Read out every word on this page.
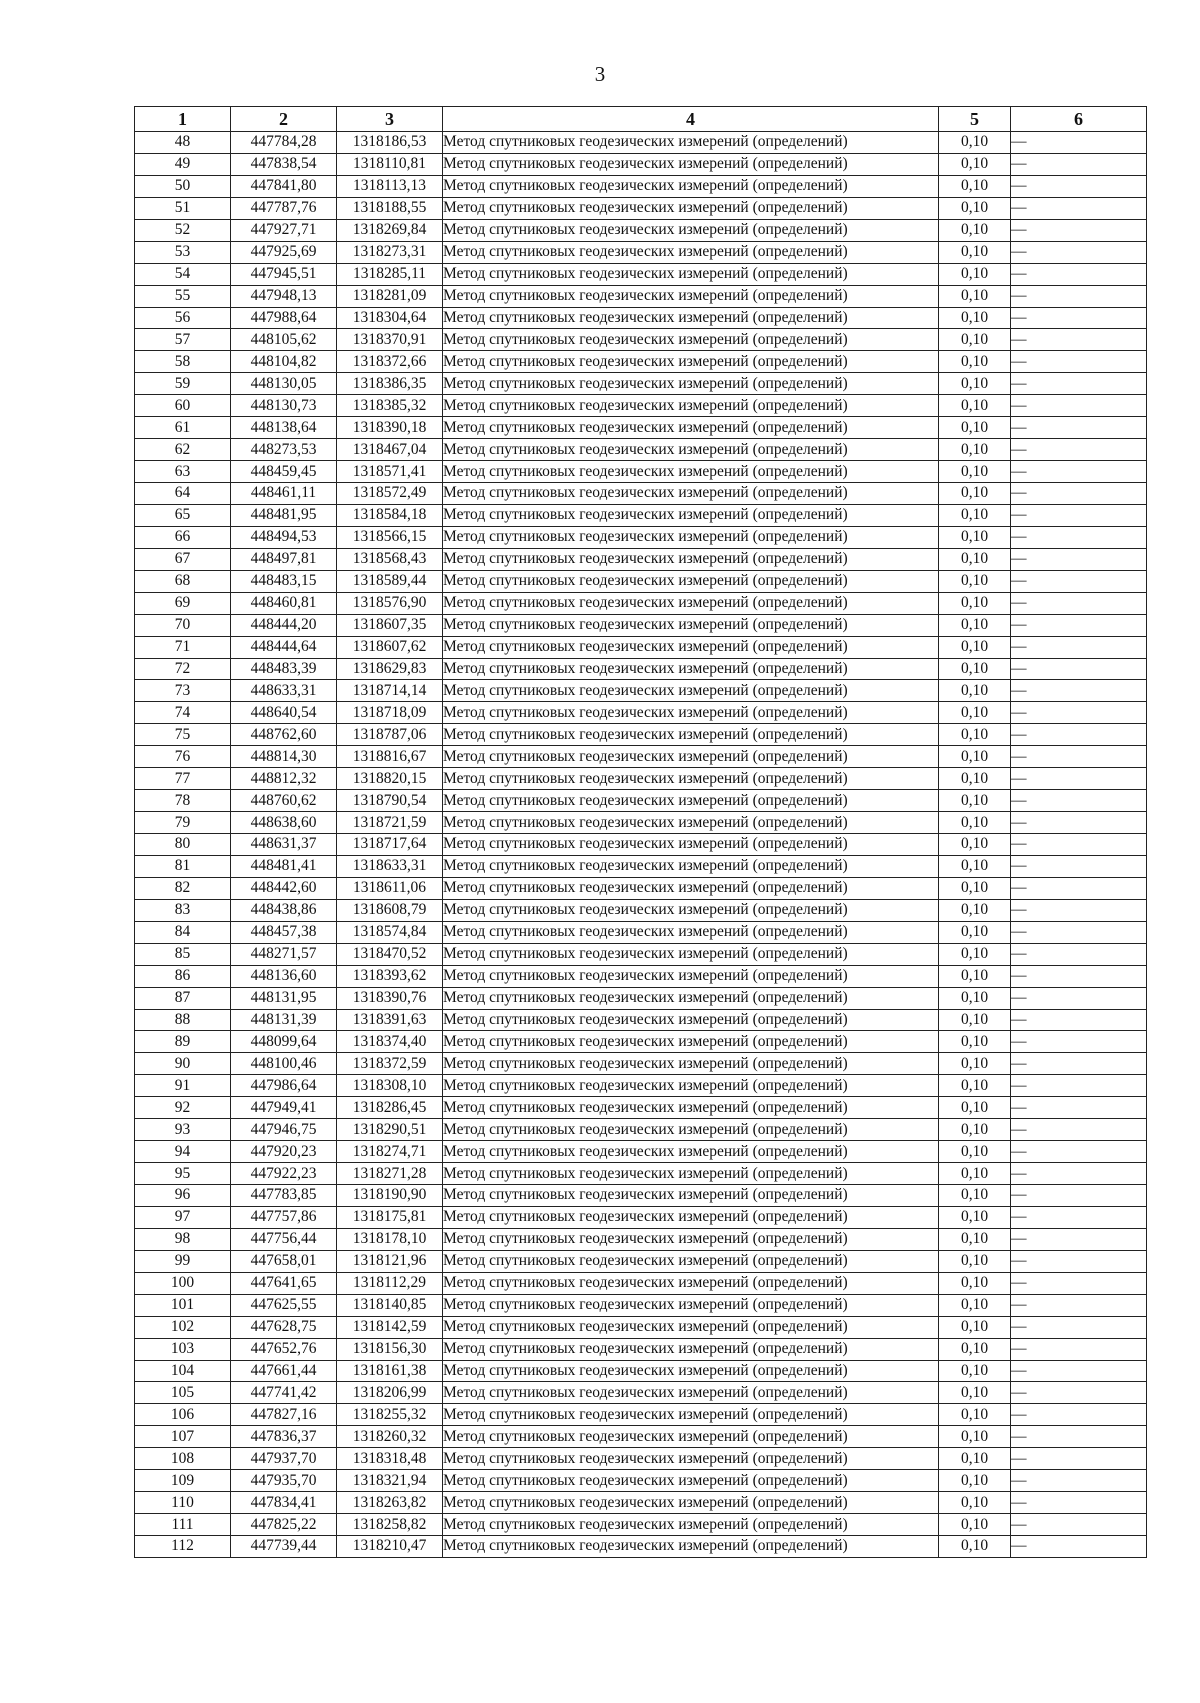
3
1	2	3	4	5	6
48	447784,28	1318186,53	Метод спутниковых геодезических измерений (определений)	0,10	—
49	447838,54	1318110,81	Метод спутниковых геодезических измерений (определений)	0,10	—
50	447841,80	1318113,13	Метод спутниковых геодезических измерений (определений)	0,10	—
51	447787,76	1318188,55	Метод спутниковых геодезических измерений (определений)	0,10	—
52	447927,71	1318269,84	Метод спутниковых геодезических измерений (определений)	0,10	—
53	447925,69	1318273,31	Метод спутниковых геодезических измерений (определений)	0,10	—
54	447945,51	1318285,11	Метод спутниковых геодезических измерений (определений)	0,10	—
55	447948,13	1318281,09	Метод спутниковых геодезических измерений (определений)	0,10	—
56	447988,64	1318304,64	Метод спутниковых геодезических измерений (определений)	0,10	—
57	448105,62	1318370,91	Метод спутниковых геодезических измерений (определений)	0,10	—
58	448104,82	1318372,66	Метод спутниковых геодезических измерений (определений)	0,10	—
59	448130,05	1318386,35	Метод спутниковых геодезических измерений (определений)	0,10	—
60	448130,73	1318385,32	Метод спутниковых геодезических измерений (определений)	0,10	—
61	448138,64	1318390,18	Метод спутниковых геодезических измерений (определений)	0,10	—
62	448273,53	1318467,04	Метод спутниковых геодезических измерений (определений)	0,10	—
63	448459,45	1318571,41	Метод спутниковых геодезических измерений (определений)	0,10	—
64	448461,11	1318572,49	Метод спутниковых геодезических измерений (определений)	0,10	—
65	448481,95	1318584,18	Метод спутниковых геодезических измерений (определений)	0,10	—
66	448494,53	1318566,15	Метод спутниковых геодезических измерений (определений)	0,10	—
67	448497,81	1318568,43	Метод спутниковых геодезических измерений (определений)	0,10	—
68	448483,15	1318589,44	Метод спутниковых геодезических измерений (определений)	0,10	—
69	448460,81	1318576,90	Метод спутниковых геодезических измерений (определений)	0,10	—
70	448444,20	1318607,35	Метод спутниковых геодезических измерений (определений)	0,10	—
71	448444,64	1318607,62	Метод спутниковых геодезических измерений (определений)	0,10	—
72	448483,39	1318629,83	Метод спутниковых геодезических измерений (определений)	0,10	—
73	448633,31	1318714,14	Метод спутниковых геодезических измерений (определений)	0,10	—
74	448640,54	1318718,09	Метод спутниковых геодезических измерений (определений)	0,10	—
75	448762,60	1318787,06	Метод спутниковых геодезических измерений (определений)	0,10	—
76	448814,30	1318816,67	Метод спутниковых геодезических измерений (определений)	0,10	—
77	448812,32	1318820,15	Метод спутниковых геодезических измерений (определений)	0,10	—
78	448760,62	1318790,54	Метод спутниковых геодезических измерений (определений)	0,10	—
79	448638,60	1318721,59	Метод спутниковых геодезических измерений (определений)	0,10	—
80	448631,37	1318717,64	Метод спутниковых геодезических измерений (определений)	0,10	—
81	448481,41	1318633,31	Метод спутниковых геодезических измерений (определений)	0,10	—
82	448442,60	1318611,06	Метод спутниковых геодезических измерений (определений)	0,10	—
83	448438,86	1318608,79	Метод спутниковых геодезических измерений (определений)	0,10	—
84	448457,38	1318574,84	Метод спутниковых геодезических измерений (определений)	0,10	—
85	448271,57	1318470,52	Метод спутниковых геодезических измерений (определений)	0,10	—
86	448136,60	1318393,62	Метод спутниковых геодезических измерений (определений)	0,10	—
87	448131,95	1318390,76	Метод спутниковых геодезических измерений (определений)	0,10	—
88	448131,39	1318391,63	Метод спутниковых геодезических измерений (определений)	0,10	—
89	448099,64	1318374,40	Метод спутниковых геодезических измерений (определений)	0,10	—
90	448100,46	1318372,59	Метод спутниковых геодезических измерений (определений)	0,10	—
91	447986,64	1318308,10	Метод спутниковых геодезических измерений (определений)	0,10	—
92	447949,41	1318286,45	Метод спутниковых геодезических измерений (определений)	0,10	—
93	447946,75	1318290,51	Метод спутниковых геодезических измерений (определений)	0,10	—
94	447920,23	1318274,71	Метод спутниковых геодезических измерений (определений)	0,10	—
95	447922,23	1318271,28	Метод спутниковых геодезических измерений (определений)	0,10	—
96	447783,85	1318190,90	Метод спутниковых геодезических измерений (определений)	0,10	—
97	447757,86	1318175,81	Метод спутниковых геодезических измерений (определений)	0,10	—
98	447756,44	1318178,10	Метод спутниковых геодезических измерений (определений)	0,10	—
99	447658,01	1318121,96	Метод спутниковых геодезических измерений (определений)	0,10	—
100	447641,65	1318112,29	Метод спутниковых геодезических измерений (определений)	0,10	—
101	447625,55	1318140,85	Метод спутниковых геодезических измерений (определений)	0,10	—
102	447628,75	1318142,59	Метод спутниковых геодезических измерений (определений)	0,10	—
103	447652,76	1318156,30	Метод спутниковых геодезических измерений (определений)	0,10	—
104	447661,44	1318161,38	Метод спутниковых геодезических измерений (определений)	0,10	—
105	447741,42	1318206,99	Метод спутниковых геодезических измерений (определений)	0,10	—
106	447827,16	1318255,32	Метод спутниковых геодезических измерений (определений)	0,10	—
107	447836,37	1318260,32	Метод спутниковых геодезических измерений (определений)	0,10	—
108	447937,70	1318318,48	Метод спутниковых геодезических измерений (определений)	0,10	—
109	447935,70	1318321,94	Метод спутниковых геодезических измерений (определений)	0,10	—
110	447834,41	1318263,82	Метод спутниковых геодезических измерений (определений)	0,10	—
111	447825,22	1318258,82	Метод спутниковых геодезических измерений (определений)	0,10	—
112	447739,44	1318210,47	Метод спутниковых геодезических измерений (определений)	0,10	—
